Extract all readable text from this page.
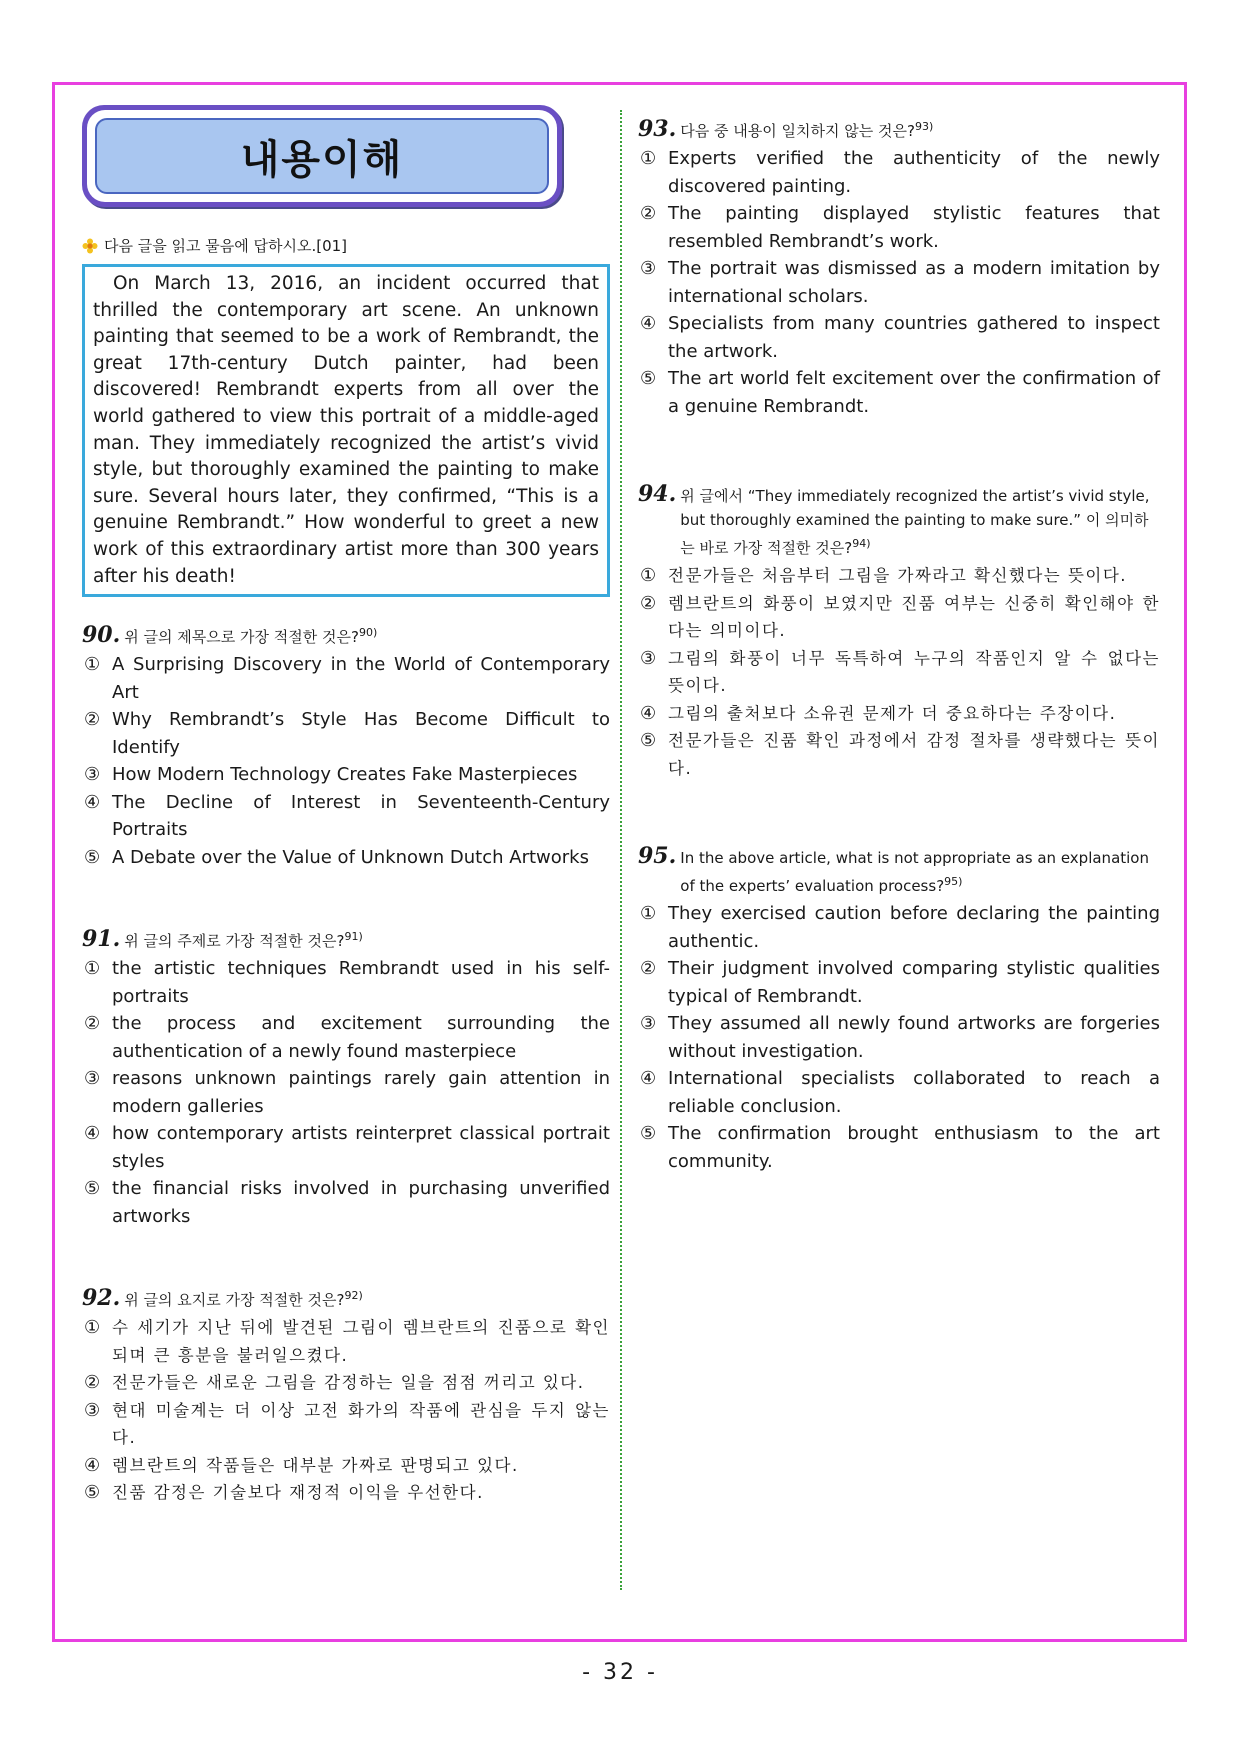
내용이해
다음 글을 읽고 물음에 답하시오.[01]

On March 13, 2016, an incident occurred that thrilled the contemporary art scene. An unknown painting that seemed to be a work of Rembrandt, the great 17th-century Dutch painter, had been discovered! Rembrandt experts from all over the world gathered to view this portrait of a middle-aged man. They immediately recognized the artist’s vivid style, but thoroughly examined the painting to make sure. Several hours later, they confirmed, “This is a genuine Rembrandt.” How wonderful to greet a new work of this extraordinary artist more than 300 years after his death!

90. 위 글의 제목으로 가장 적절한 것은?$^{90)}$
① A Surprising Discovery in the World of Contemporary Art
② Why Rembrandt’s Style Has Become Difficult to Identify
③ How Modern Technology Creates Fake Masterpieces
④ The Decline of Interest in Seventeenth-Century Portraits
⑤ A Debate over the Value of Unknown Dutch Artworks
91. 위 글의 주제로 가장 적절한 것은?$^{91)}$
① the artistic techniques Rembrandt used in his self-portraits
② the process and excitement surrounding the authentication of a newly found masterpiece
③ reasons unknown paintings rarely gain attention in modern galleries
④ how contemporary artists reinterpret classical portrait styles
⑤ the financial risks involved in purchasing unverified artworks
92. 위 글의 요지로 가장 적절한 것은?$^{92)}$
① 수 세기가 지난 뒤에 발견된 그림이 렘브란트의 진품으로 확인되며 큰 흥분을 불러일으켰다.
② 전문가들은 새로운 그림을 감정하는 일을 점점 꺼리고 있다.
③ 현대 미술계는 더 이상 고전 화가의 작품에 관심을 두지 않는다.
④ 렘브란트의 작품들은 대부분 가짜로 판명되고 있다.
⑤ 진품 감정은 기술보다 재정적 이익을 우선한다.
93. 다음 중 내용이 일치하지 않는 것은?$^{93)}$
① Experts verified the authenticity of the newly discovered painting.
② The painting displayed stylistic features that resembled Rembrandt’s work.
③ The portrait was dismissed as a modern imitation by international scholars.
④ Specialists from many countries gathered to inspect the artwork.
⑤ The art world felt excitement over the confirmation of a genuine Rembrandt.
94. 위 글에서 “They immediately recognized the artist’s vivid style, but thoroughly examined the painting to make sure.” 이 의미하는 바로 가장 적절한 것은?$^{94)}$
① 전문가들은 처음부터 그림을 가짜라고 확신했다는 뜻이다.
② 렘브란트의 화풍이 보였지만 진품 여부는 신중히 확인해야 한다는 의미이다.
③ 그림의 화풍이 너무 독특하여 누구의 작품인지 알 수 없다는 뜻이다.
④ 그림의 출처보다 소유권 문제가 더 중요하다는 주장이다.
⑤ 전문가들은 진품 확인 과정에서 감정 절차를 생략했다는 뜻이다.
95. In the above article, what is not appropriate as an explanation of the experts’ evaluation process?$^{95)}$
① They exercised caution before declaring the painting authentic.
② Their judgment involved comparing stylistic qualities typical of Rembrandt.
③ They assumed all newly found artworks are forgeries without investigation.
④ International specialists collaborated to reach a reliable conclusion.
⑤ The confirmation brought enthusiasm to the art community.
- 32 -
